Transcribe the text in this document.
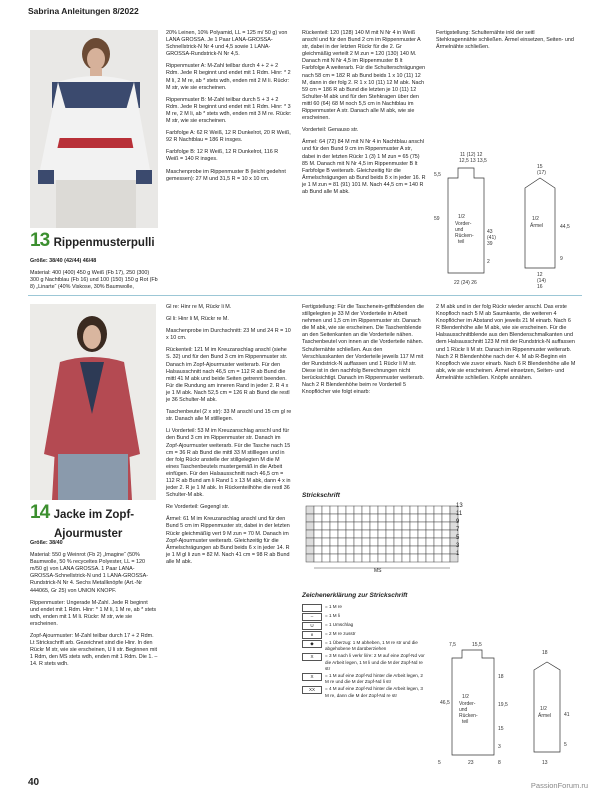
Sabrina Anleitungen 8/2022
13 Rippenmusterpulli

Größe: 38/40 (42/44) 46/48

Material: 400 (400) 450 g Weiß (Fb 17), 250 (300) 300 g Nachtblau (Fb 16) und 100 (150) 150 g Rot (Fb 8) „Linarte“ (40% Viskose, 30% Baumwolle,

20% Leinen, 10% Polyamid, LL = 125 m/ 50 g) von LANA GROSSA. Je 1 Paar LANA-GROSSA-Schnellstrick-N Nr 4 und 4,5 sowie 1 LANA-GROSSA-Rundstrick-N Nr 4,5.

Rippenmuster A: M-Zahl teilbar durch 4 + 2 + 2 Rdm. Jede R beginnt und endet mit 1 Rdm. Hinr: * 2 M li, 2 M re, ab * stets wdh, enden mit 2 M li. Rückr: M str, wie sie erscheinen.

Rippenmuster B: M-Zahl teilbar durch 5 + 3 + 2 Rdm. Jede R beginnt und endet mit 1 Rdm. Hinr: * 3 M re, 2 M li, ab * stets wdh, enden mit 3 M re. Rückr: M str, wie sie erscheinen.

Farbfolge A: 62 R Weiß, 12 R Dunkelrot, 20 R Weiß, 92 R Nachtblau = 186 R insges.

Farbfolge B: 12 R Weiß, 12 R Dunkelrot, 116 R Weiß = 140 R insges.

Maschenprobe im Rippenmuster B (leicht gedehnt gemessen): 27 M und 31,5 R = 10 x 10 cm.

Rückenteil: 120 (128) 140 M mit N Nr 4 in Weiß anschl und für den Bund 2 cm im Rippenmuster A str, dabei in der letzten Rückr für die 2. Gr gleichmäßig verteilt 2 M zun = 120 (130) 140 M. Danach mit N Nr 4,5 im Rippenmuster B lt Farbfolge A weiterarb. Für die Schulterschrägungen nach 58 cm = 182 R ab Bund beids 1 x 10 (11) 12 M, dann in der folg 2. R 1 x 10 (11) 12 M abk. Nach 59 cm = 186 R ab Bund die letzten je 10 (11) 12 Schulter-M abk und für den Stehkragen über den mittl 60 (64) 68 M noch 5,5 cm in Nachtblau im Rippenmuster A str. Danach alle M abk, wie sie erscheinen.

Vorderteil: Genauso str.

Ärmel: 64 (72) 84 M mit N Nr 4 in Nachtblau anschl und für den Bund 9 cm im Rippenmuster A str, dabei in der letzten Rückr 1 (3) 1 M zun = 65 (75) 85 M. Danach mit N Nr 4,5 im Rippenmuster B lt Farbfolge B weiterarb. Gleichzeitig für die Ärmelschrägungen ab Bund beids 8 x in jeder 16. R je 1 M zun = 81 (91) 101 M. Nach 44,5 cm = 140 R ab Bund alle M abk.

Fertigstellung: Schulternähte inkl der seitl Stehkragennähte schließen. Ärmel einsetzen, Seiten- und Ärmelnähte schließen.

11 (12) 12
12,5 13 13,5
5,5
59	1/2
Vorder-
und
Rücken-
teil
43
(41)
39
2
22 (24) 26
15
(17)
1/2
Ärmel	44,5
9
12
(14)
16
14 Jacke im Zopf-
Ajourmuster

Größe: 38/40

Material: 550 g Weinrot (Fb 2) „Imagine“ (50% Baumwolle, 50 % recyceltes Polyester, LL = 120 m/50 g) von LANA GROSSA. 1 Paar LANA-GROSSA-Schnellstrick-N und 1 LANA-GROSSA-Rundstrick-N Nr 4. Sechs Metallknöpfe (Art.-Nr 444065, Gr 25) von UNION KNOPF.

Rippenmuster: Ungerade M-Zahl. Jede R beginnt und endet mit 1 Rdm. Hinr: * 1 M li, 1 M re, ab * stets wdh, enden mit 1 M li. Rückr: M str, wie sie erscheinen.

Zopf-Ajourmuster: M-Zahl teilbar durch 17 + 2 Rdm. Lt Strickschrift arb. Gezeichnet sind die Hinr. In den Rückr M str, wie sie erscheinen, U li str. Beginnen mit 1 Rdm, den MS stets wdh, enden mit 1 Rdm. Die 1. – 14. R stets wdh.

Gl re: Hinr re M, Rückr li M.

Gl li: Hinr li M, Rückr re M.

Maschenprobe im Durchschnitt: 23 M und 24 R = 10 x 10 cm.

Rückenteil: 121 M im Kreuzanschlag anschl (siehe S. 32) und für den Bund 3 cm im Rippenmuster str. Danach im Zopf-Ajourmuster weiterarb. Für den Halsausschnitt nach 46,5 cm = 112 R ab Bund die mittl 41 M abk und beide Seiten getrennt beenden. Für die Rundung am inneren Rand in jeder 2. R 4 x je 1 M abk. Nach 52,5 cm = 126 R ab Bund die restl je 36 Schulter-M abk.

Taschenbeutel (2 x str): 33 M anschl und 15 cm gl re str. Danach alle M stilllegen.

Li Vorderteil: 53 M im Kreuzanschlag anschl und für den Bund 3 cm im Rippenmuster str. Danach im Zopf-Ajourmuster weiterarb. Für die Tasche nach 15 cm = 36 R ab Bund die mittl 33 M stilllegen und in der folg Rückr anstelle der stillgelegten M die M eines Taschenbeutels mustergemäß in die Arbeit einfügen. Für den Halsausschnitt nach 46,5 cm = 112 R ab Bund am li Rand 1 x 13 M abk, dann 4 x in jeder 2. R je 1 M abk. In Rückenteilhöhe die restl 36 Schulter-M abk.

Re Vorderteil: Gegengl str.

Ärmel: 61 M im Kreuzanschlag anschl und für den Bund 5 cm im Rippenmuster str, dabei in der letzten Rückr gleichmäßig vert 9 M zun = 70 M. Danach im Zopf-Ajourmuster weiterarb. Gleichzeitig für die Ärmelschrägungen ab Bund beids 6 x in jeder 14. R je 1 M gl li zun = 82 M. Nach 41 cm = 98 R ab Bund alle M abk.

Fertigstellung: Für die Taschenein-griffsblenden die stillgelegten je 33 M der Vorderteile in Arbeit nehmen und 1,5 cm im Rippenmuster str. Danach die M abk, wie sie erscheinen. Die Taschenblende an den Seitenkanten an die Vorderteile nähen. Taschenbeutel von innen an die Vorderteile nähen. Schulternähte schließen. Aus den Verschlusskanten der Vorderteile jeweils 117 M mit der Rundstrick-N auffassen und 1 Rückr li M str. Diese ist in den nachfolg Berechnungen nicht berücksichtigt. Danach im Rippenmuster weiterarb. Nach 2 R Blendenhöhe beim re Vorderteil 5 Knopflöcher wie folgt einarb:

2 M abk und in der folg Rückr wieder anschl. Das erste Knopfloch nach 5 M ab Saumkante, die weiteren 4 Knopflöcher im Abstand von jeweils 21 M einarb. Nach 6 R Blendenhöhe alle M abk, wie sie erscheinen. Für die Halsausschnittblende aus den Blendenschmalkanten und dem Halsausschnitt 123 M mit der Rundstrick-N auffassen und 1 Rückr li M str. Danach im Rippenmuster weiterarb. Nach 2 R Blendenhöhe nach der 4. M ab R-Beginn ein Knopfloch wie zuvor einarb. Nach 6 R Blendenhöhe alle M abk, wie sie erscheinen. Ärmel einsetzen, Seiten- und Ärmelnähte schließen. Knöpfe annähen.

Strickschrift
MS
13
11
9
7
5
3
1
Zeichenerklärung zur Strickschrift
= 1 M re
–	= 1 M li
U	= 1 Umschlag
∧	= 2 M re zusstr
◆	= 1 Überzug: 1 M abheben, 1 M re str und die abgehobene M darüberziehen
X	= 3 M nach li verkr li/re: 2 M auf eine Zopf-Nd vor die Arbeit legen, 1 M li und die M der Zopf-Nd re str
X	= 1 M auf eine Zopf-Nd hinter die Arbeit legen, 2 M re und die M der Zopf-Nd li str
XX	= 4 M auf eine Zopf-Nd hinter die Arbeit legen, 3 M re, dann die M der Zopf-Nd re str
7,5	15,5
46,5
1/2
Vorder-
und
Rücken-
teil
18
19,5
15
3
5	23	8
18
1/2
Ärmel	41
5
13
40	PassionForum.ru
